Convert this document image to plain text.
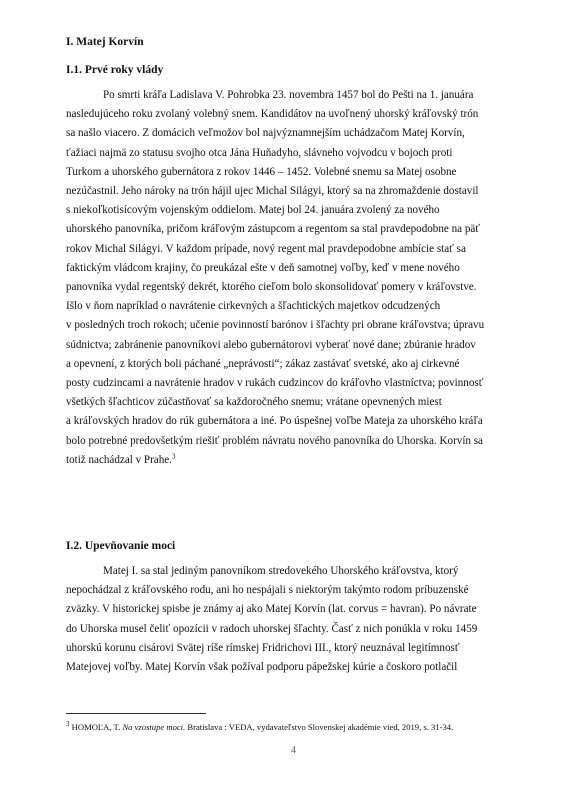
I. Matej Korvín
I.1. Prvé roky vlády
Po smrti kráľa Ladislava V. Pohrobka 23. novembra 1457 bol do Pešti na 1. januára
nasledujúceho roku zvolaný volebný snem. Kandidátov na uvoľnený uhorský kráľovský trón
sa našlo viacero. Z domácich veľmožov bol najvýznamnejším uchádzačom Matej Korvín,
ťažiaci najmä zo statusu svojho otca Jána Huňadyho, slávneho vojvodcu v bojoch proti
Turkom a uhorského gubernátora z rokov 1446 – 1452. Volebné snemu sa Matej osobne
nezúčastnil. Jeho nároky na trón hájil ujec Michal Silágyi, ktorý sa na zhromaždenie dostavil
s niekoľkotisícovým vojenským oddielom. Matej bol 24. januára zvolený za nového
uhorského panovníka, pričom kráľovým zástupcom a regentom sa stal pravdepodobne na päť
rokov Michal Silágyi. V každom prípade, nový regent mal pravdepodobne ambície stať sa
faktickým vládcom krajiny, čo preukázal ešte v deň samotnej voľby, keď v mene nového
panovníka vydal regentský dekrét, ktorého cieľom bolo skonsolidovať pomery v kráľovstve.
Išlo v ňom napríklad o navrátenie cirkevných a šľachtických majetkov odcudzených
v posledných troch rokoch; učenie povinností barónov i šľachty pri obrane kráľovstva; úpravu
súdnictva; zabránenie panovníkovi alebo gubernátorovi vyberať nové dane; zbúranie hradov
a opevnení, z ktorých boli páchané „neprávosti“; zákaz zastávať svetské, ako aj cirkevné
posty cudzincami a navrátenie hradov v rukách cudzincov do kráľovho vlastníctva; povinnosť
všetkých šľachticov zúčastňovať sa každoročného snemu; vrátane opevnených miest
a kráľovských hradov do rúk gubernátora a iné. Po úspešnej voľbe Mateja za uhorského kráľa
bolo potrebné predovšetkým riešiť problém návratu nového panovníka do Uhorska. Korvín sa
totiž nachádzal v Prahe.$^3$
I.2. Upevňovanie moci
Matej I. sa stal jediným panovníkom stredovekého Uhorského kráľovstva, ktorý
nepochádzal z kráľovského rodu, ani ho nespájali s niektorým takýmto rodom príbuzenské
zväzky. V historickej spisbe je známy aj ako Matej Korvín (lat. corvus = havran). Po návrate
do Uhorska musel čeliť opozícii v radoch uhorskej šľachty. Časť z nich ponúkla v roku 1459
uhorskú korunu cisárovi Svätej ríše rímskej Fridrichovi III., ktorý neuznával legitímnosť
Matejovej voľby. Matej Korvín však požíval podporu pápežskej kúrie a čoskoro potlačil
$^3$ HOMOĽA, T. Na vzostupe moci. Bratislava : VEDA, vydavateľstvo Slovenskej akadémie vied, 2019, s. 31-34.
4
